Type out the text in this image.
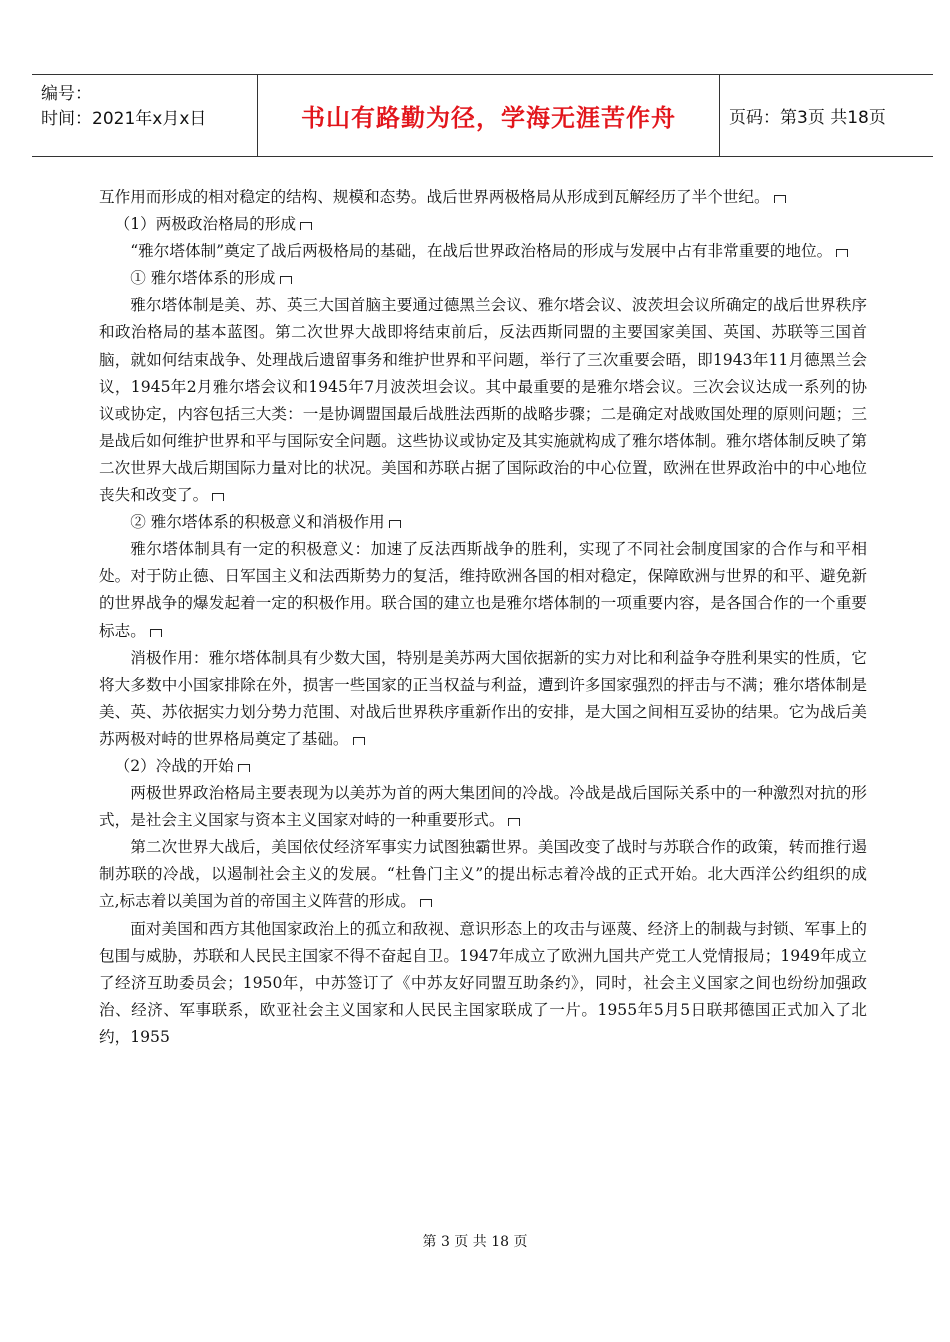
编号：
时间：2021年x月x日	书山有路勤为径，学海无涯苦作舟	页码：第3页 共18页

互作用而形成的相对稳定的结构、规模和态势。战后世界两极格局从形成到瓦解经历了半个世纪。

（1）两极政治格局的形成

“雅尔塔体制”奠定了战后两极格局的基础，在战后世界政治格局的形成与发展中占有非常重要的地位。

① 雅尔塔体系的形成

雅尔塔体制是美、苏、英三大国首脑主要通过德黑兰会议、雅尔塔会议、波茨坦会议所确定的战后世界秩序和政治格局的基本蓝图。第二次世界大战即将结束前后，反法西斯同盟的主要国家美国、英国、苏联等三国首脑，就如何结束战争、处理战后遗留事务和维护世界和平问题，举行了三次重要会晤，即1943年11月德黑兰会议，1945年2月雅尔塔会议和1945年7月波茨坦会议。其中最重要的是雅尔塔会议。三次会议达成一系列的协议或协定，内容包括三大类：一是协调盟国最后战胜法西斯的战略步骤；二是确定对战败国处理的原则问题；三是战后如何维护世界和平与国际安全问题。这些协议或协定及其实施就构成了雅尔塔体制。雅尔塔体制反映了第二次世界大战后期国际力量对比的状况。美国和苏联占据了国际政治的中心位置，欧洲在世界政治中的中心地位丧失和改变了。

② 雅尔塔体系的积极意义和消极作用

雅尔塔体制具有一定的积极意义：加速了反法西斯战争的胜利，实现了不同社会制度国家的合作与和平相处。对于防止德、日军国主义和法西斯势力的复活，维持欧洲各国的相对稳定，保障欧洲与世界的和平、避免新的世界战争的爆发起着一定的积极作用。联合国的建立也是雅尔塔体制的一项重要内容，是各国合作的一个重要标志。

消极作用：雅尔塔体制具有少数大国，特别是美苏两大国依据新的实力对比和利益争夺胜利果实的性质，它将大多数中小国家排除在外，损害一些国家的正当权益与利益，遭到许多国家强烈的抨击与不满；雅尔塔体制是美、英、苏依据实力划分势力范围、对战后世界秩序重新作出的安排，是大国之间相互妥协的结果。它为战后美苏两极对峙的世界格局奠定了基础。

（2）冷战的开始

两极世界政治格局主要表现为以美苏为首的两大集团间的冷战。冷战是战后国际关系中的一种激烈对抗的形式，是社会主义国家与资本主义国家对峙的一种重要形式。

第二次世界大战后，美国依仗经济军事实力试图独霸世界。美国改变了战时与苏联合作的政策，转而推行遏制苏联的冷战，以遏制社会主义的发展。“杜鲁门主义”的提出标志着冷战的正式开始。北大西洋公约组织的成立,标志着以美国为首的帝国主义阵营的形成。

面对美国和西方其他国家政治上的孤立和敌视、意识形态上的攻击与诬蔑、经济上的制裁与封锁、军事上的包围与威胁，苏联和人民民主国家不得不奋起自卫。1947年成立了欧洲九国共产党工人党情报局；1949年成立了经济互助委员会；1950年，中苏签订了《中苏友好同盟互助条约》，同时，社会主义国家之间也纷纷加强政治、经济、军事联系，欧亚社会主义国家和人民民主国家联成了一片。1955年5月5日联邦德国正式加入了北约，1955

第 3 页 共 18 页
